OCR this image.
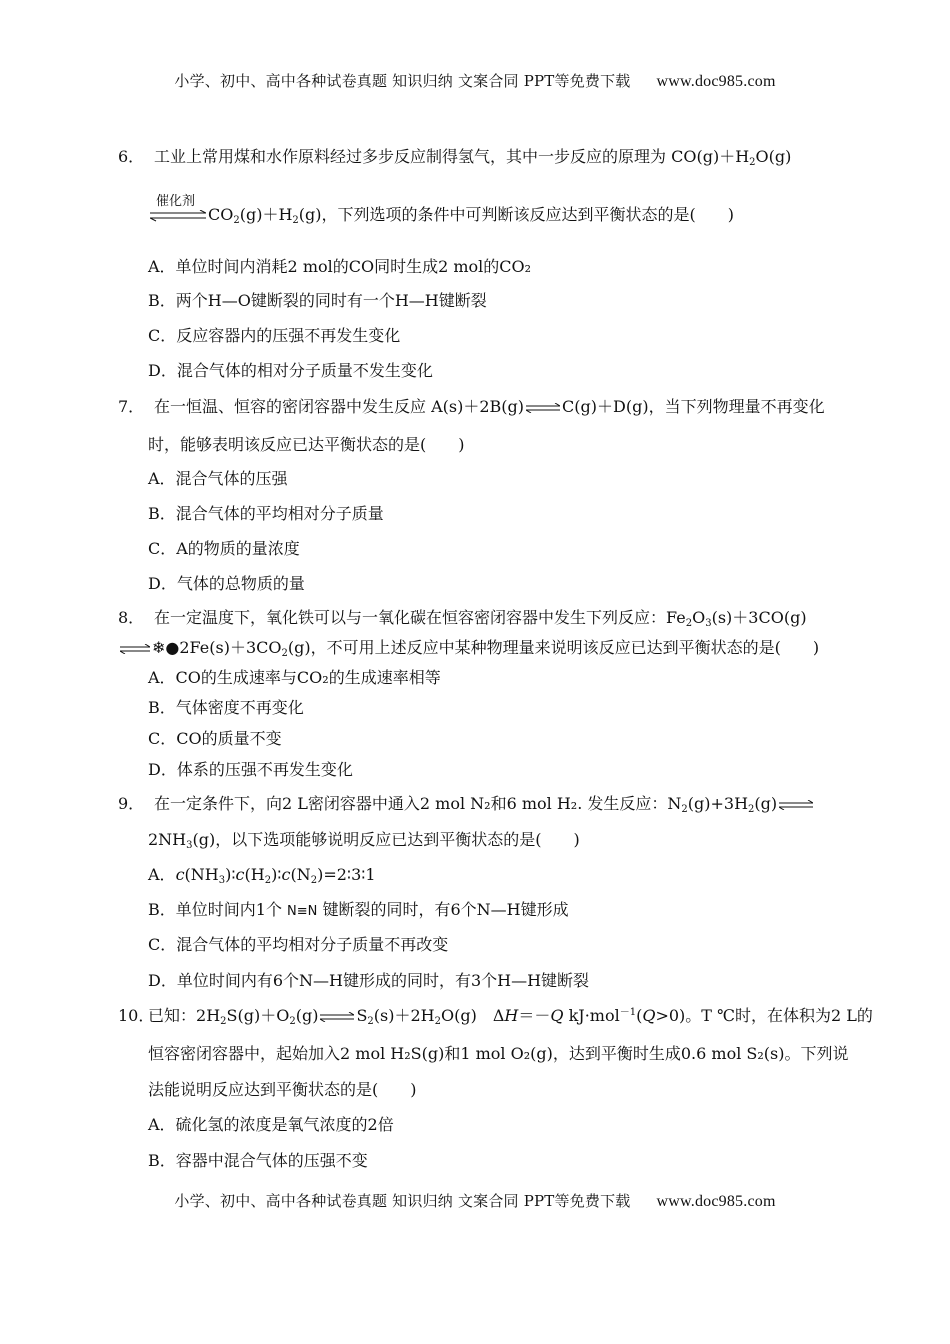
小学、初中、高中各种试卷真题 知识归纳 文案合同 PPT等免费下载 www.doc985.com
6． 工业上常用煤和水作原料经过多步反应制得氢气，其中一步反应的原理为 $CO(g)+H_2O(g)$
催化剂
⇌ $CO_2(g)+H_2(g)$，下列选项的条件中可判断该反应达到平衡状态的是(　　)
A．单位时间内消耗2 mol的CO同时生成2 mol的CO₂
B．两个H—O键断裂的同时有一个H—H键断裂
C．反应容器内的压强不再发生变化
D．混合气体的相对分子质量不发生变化
7． 在一恒温、恒容的密闭容器中发生反应 A(s)＋2B(g) ⇌ C(g)＋D(g)，当下列物理量不再变化
时，能够表明该反应已达平衡状态的是(　　)
A．混合气体的压强
B．混合气体的平均相对分子质量
C．A的物质的量浓度
D．气体的总物质的量
8． 在一定温度下，氧化铁可以与一氧化碳在恒容密闭容器中发生下列反应：$Fe_2O_3(s)+3CO(g)$
⇌ $❄●2Fe(s)+3CO_2(g)$，不可用上述反应中某种物理量来说明该反应已达到平衡状态的是(　　)
A．CO的生成速率与CO₂的生成速率相等
B．气体密度不再变化
C．CO的质量不变
D．体系的压强不再发生变化
9． 在一定条件下，向2 L密闭容器中通入2 mol N₂和6 mol H₂. 发生反应：$N_2(g)+3H_2(g)$ ⇌
$2NH_3(g)$，以下选项能够说明反应已达到平衡状态的是(　　)
A．$c(NH_3)∶c(H_2)∶c(N_2)=2∶3∶1$
B．单位时间内1个 N≡N 键断裂的同时，有6个N—H键形成
C．混合气体的平均相对分子质量不再改变
D．单位时间内有6个N—H键形成的同时，有3个H—H键断裂
10．已知：$2H_2S(g)+O_2(g)$ ⇌ $S_2(s)+2H_2O(g)$　ΔH＝－Q kJ·mol$^{-1}$(Q>0)。T ℃时，在体积为2 L的
恒容密闭容器中，起始加入2 mol H₂S(g)和1 mol O₂(g)，达到平衡时生成0.6 mol S₂(s)。下列说
法能说明反应达到平衡状态的是(　　)
A．硫化氢的浓度是氧气浓度的2倍
B．容器中混合气体的压强不变
小学、初中、高中各种试卷真题 知识归纳 文案合同 PPT等免费下载 www.doc985.com
